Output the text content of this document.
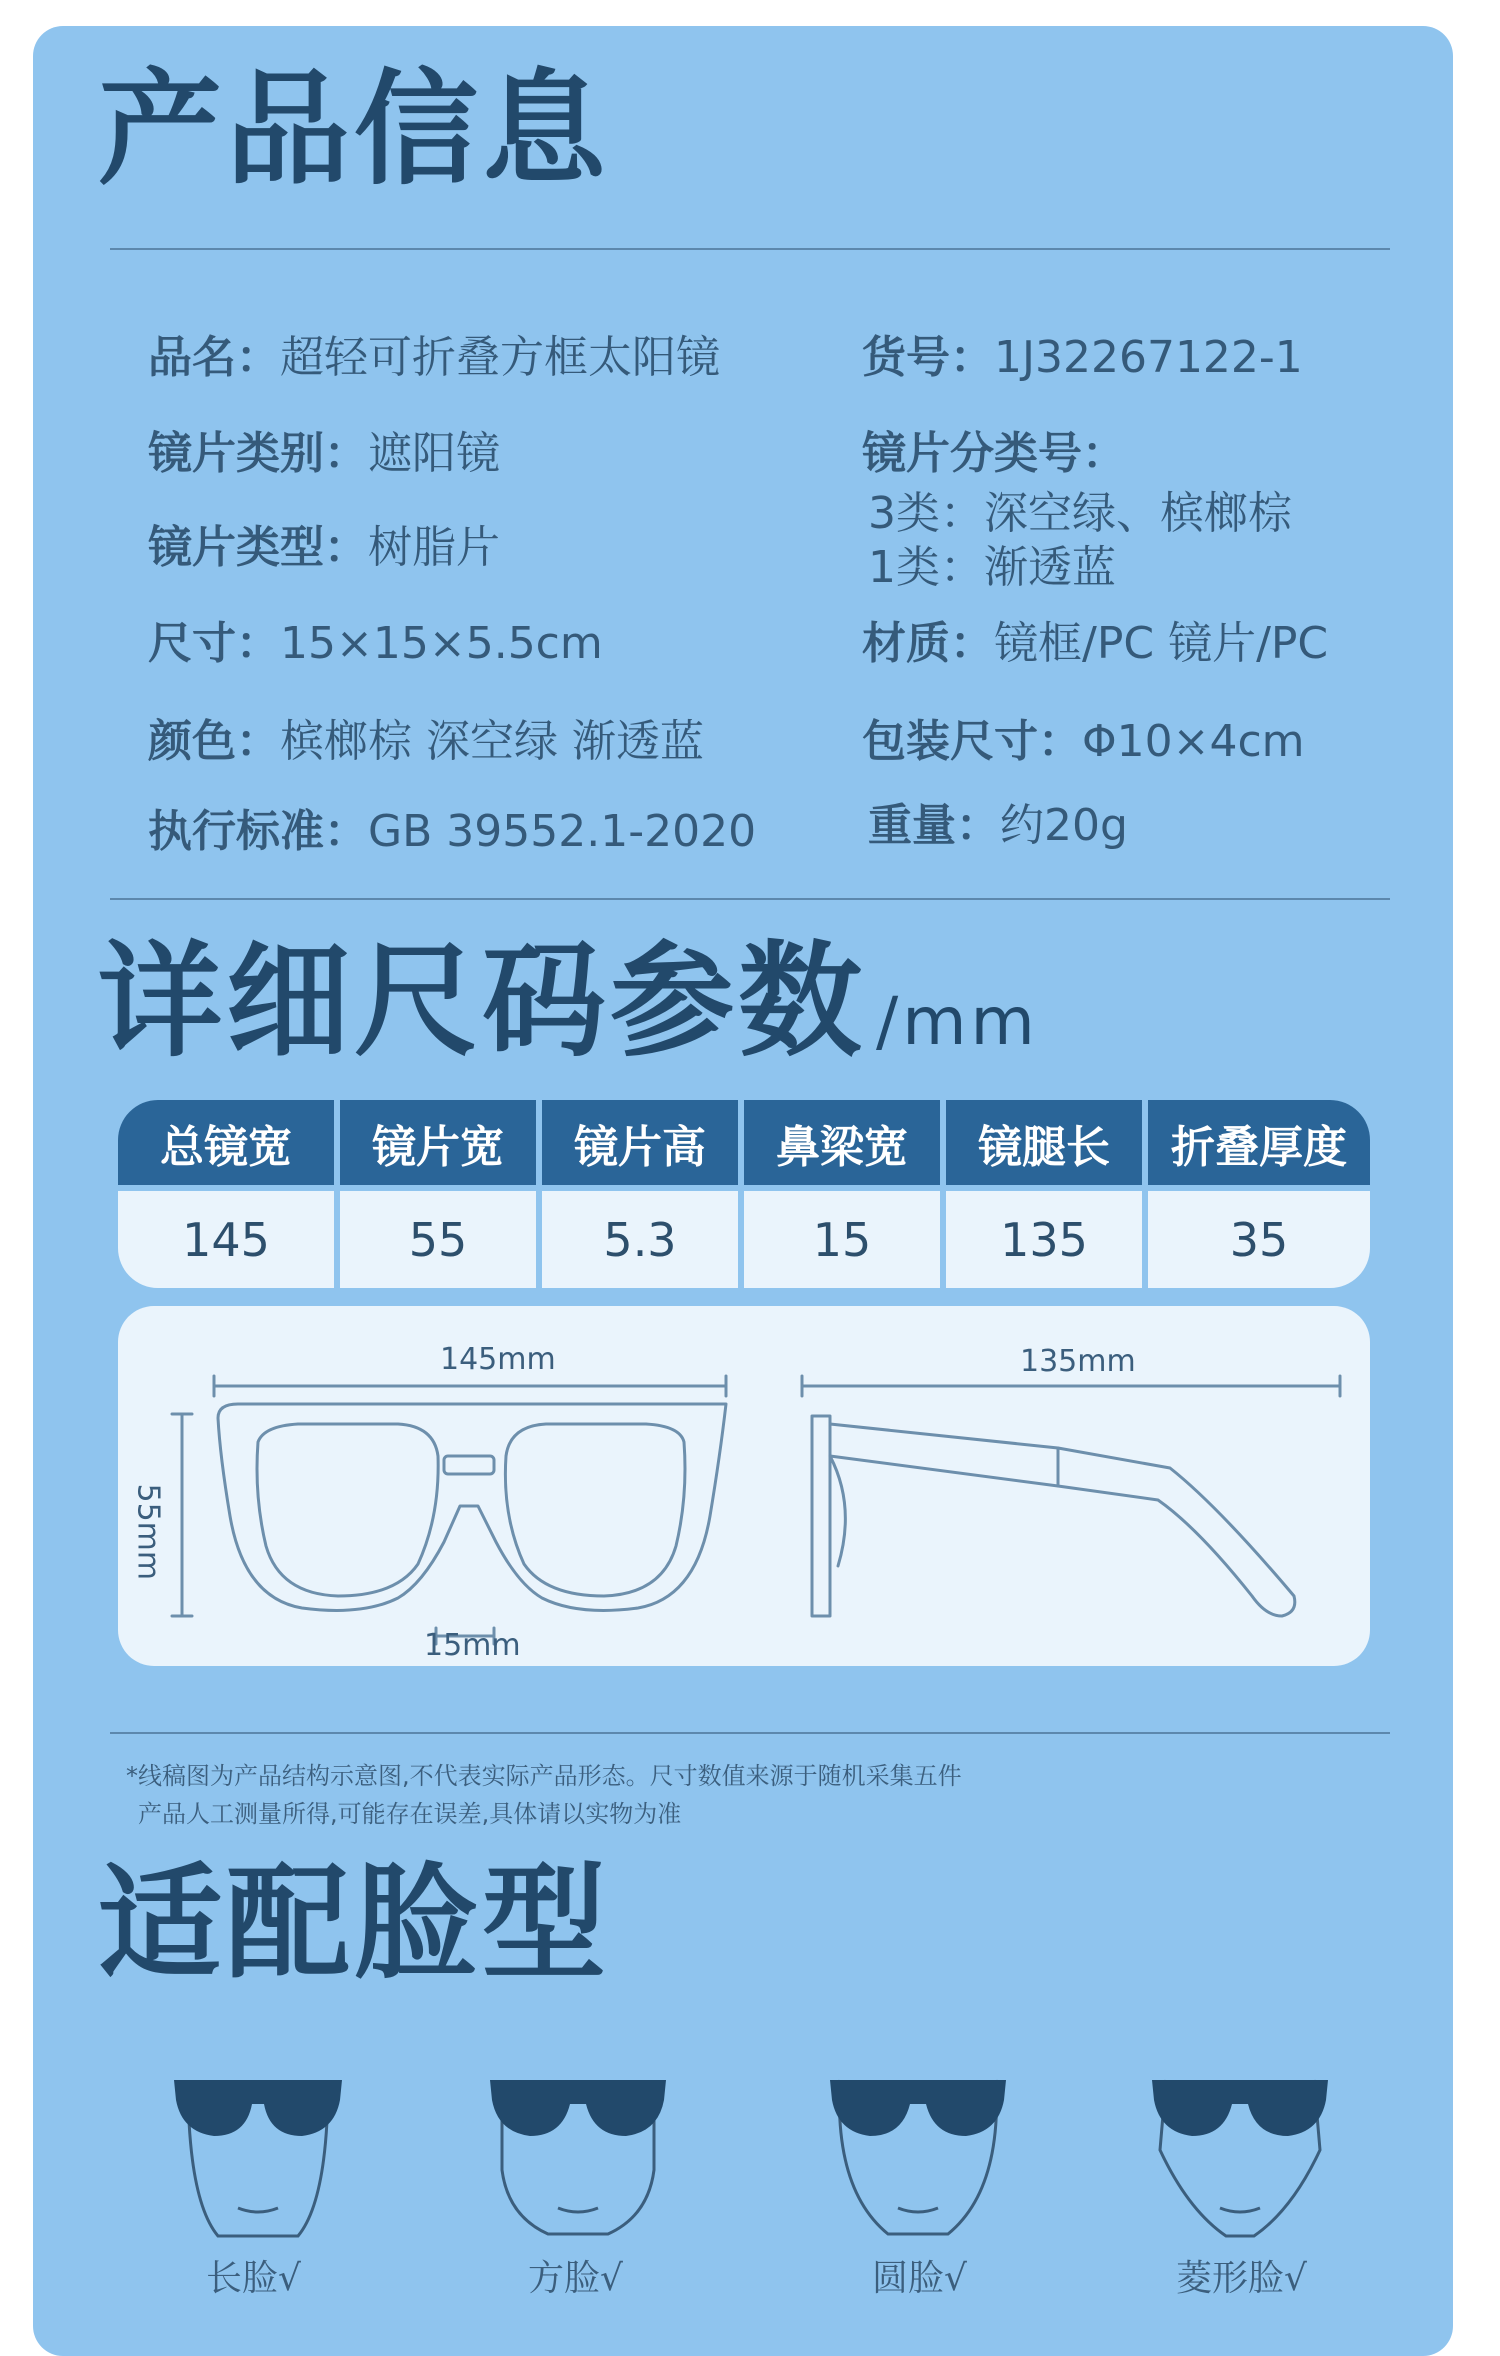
产品信息
品名：超轻可折叠方框太阳镜	货号：1J32267122-1
镜片类别：遮阳镜	镜片分类号：
3类：深空绿、槟榔棕
1类：渐透蓝
镜片类型：树脂片
尺寸：15×15×5.5cm	材质：镜框/PC 镜片/PC
颜色：槟榔棕 深空绿 渐透蓝	包装尺寸：Φ10×4cm
执行标准：GB 39552.1-2020	重量：约20g
详细尺码参数 /mm
总镜宽	镜片宽	镜片高	鼻梁宽	镜腿长	折叠厚度
145	55	5.3	15	135	35
145mm	135mm
55mm
15mm
*线稿图为产品结构示意图,不代表实际产品形态。尺寸数值来源于随机采集五件
产品人工测量所得,可能存在误差,具体请以实物为准
适配脸型
长脸√	方脸√	圆脸√	菱形脸√
